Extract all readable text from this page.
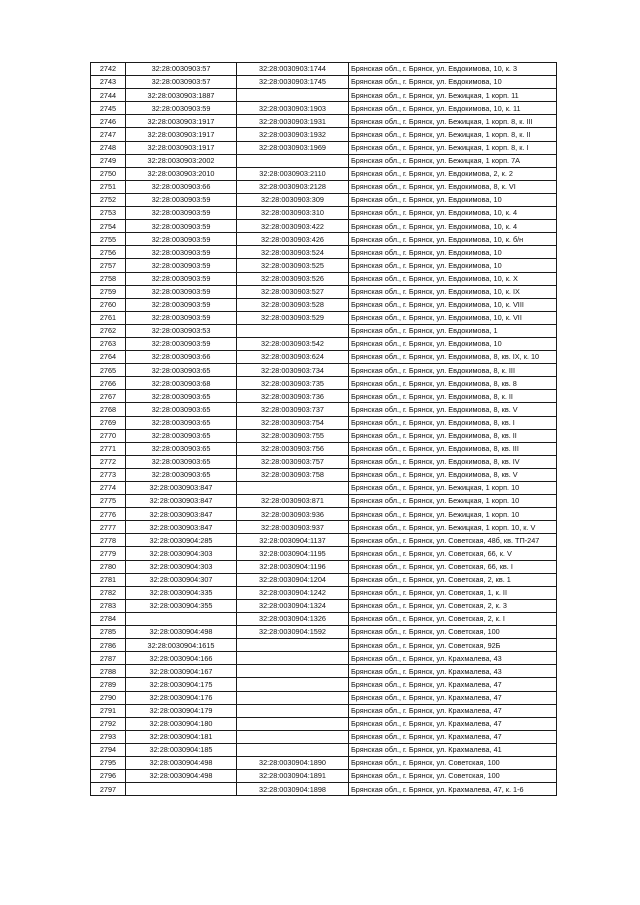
2742	32:28:0030903:57	32:28:0030903:1744	Брянская обл., г. Брянск, ул. Евдокимова, 10, к. 3
2743	32:28:0030903:57	32:28:0030903:1745	Брянская обл., г. Брянск, ул. Евдокимова, 10
2744	32:28:0030903:1887		Брянская обл., г. Брянск, ул. Бежицкая, 1 корп. 11
2745	32:28:0030903:59	32:28:0030903:1903	Брянская обл., г. Брянск, ул. Евдокимова, 10, к. 11
2746	32:28:0030903:1917	32:28:0030903:1931	Брянская обл., г. Брянск, ул. Бежицкая, 1 корп. 8, к. III
2747	32:28:0030903:1917	32:28:0030903:1932	Брянская обл., г. Брянск, ул. Бежицкая, 1 корп. 8, к. II
2748	32:28:0030903:1917	32:28:0030903:1969	Брянская обл., г. Брянск, ул. Бежицкая, 1 корп. 8, к. I
2749	32:28:0030903:2002		Брянская обл., г. Брянск, ул. Бежицкая, 1 корп. 7А
2750	32:28:0030903:2010	32:28:0030903:2110	Брянская обл., г. Брянск, ул. Евдокимова, 2, к. 2
2751	32:28:0030903:66	32:28:0030903:2128	Брянская обл., г. Брянск, ул. Евдокимова, 8, к. VI
2752	32:28:0030903:59	32:28:0030903:309	Брянская обл., г. Брянск, ул. Евдокимова, 10
2753	32:28:0030903:59	32:28:0030903:310	Брянская обл., г. Брянск, ул. Евдокимова, 10, к. 4
2754	32:28:0030903:59	32:28:0030903:422	Брянская обл., г. Брянск, ул. Евдокимова, 10, к. 4
2755	32:28:0030903:59	32:28:0030903:426	Брянская обл., г. Брянск, ул. Евдокимова, 10, к. б/н
2756	32:28:0030903:59	32:28:0030903:524	Брянская обл., г. Брянск, ул. Евдокимова, 10
2757	32:28:0030903:59	32:28:0030903:525	Брянская обл., г. Брянск, ул. Евдокимова, 10
2758	32:28:0030903:59	32:28:0030903:526	Брянская обл., г. Брянск, ул. Евдокимова, 10, к. X
2759	32:28:0030903:59	32:28:0030903:527	Брянская обл., г. Брянск, ул. Евдокимова, 10, к. IX
2760	32:28:0030903:59	32:28:0030903:528	Брянская обл., г. Брянск, ул. Евдокимова, 10, к. VIII
2761	32:28:0030903:59	32:28:0030903:529	Брянская обл., г. Брянск, ул. Евдокимова, 10, к. VII
2762	32:28:0030903:53		Брянская обл., г. Брянск, ул. Евдокимова, 1
2763	32:28:0030903:59	32:28:0030903:542	Брянская обл., г. Брянск, ул. Евдокимова, 10
2764	32:28:0030903:66	32:28:0030903:624	Брянская обл., г. Брянск, ул. Евдокимова, 8, кв. IX, к. 10
2765	32:28:0030903:65	32:28:0030903:734	Брянская обл., г. Брянск, ул. Евдокимова, 8, к. III
2766	32:28:0030903:68	32:28:0030903:735	Брянская обл., г. Брянск, ул. Евдокимова, 8, кв. 8
2767	32:28:0030903:65	32:28:0030903:736	Брянская обл., г. Брянск, ул. Евдокимова, 8, к. II
2768	32:28:0030903:65	32:28:0030903:737	Брянская обл., г. Брянск, ул. Евдокимова, 8, кв. V
2769	32:28:0030903:65	32:28:0030903:754	Брянская обл., г. Брянск, ул. Евдокимова, 8, кв. I
2770	32:28:0030903:65	32:28:0030903:755	Брянская обл., г. Брянск, ул. Евдокимова, 8, кв. II
2771	32:28:0030903:65	32:28:0030903:756	Брянская обл., г. Брянск, ул. Евдокимова, 8, кв. III
2772	32:28:0030903:65	32:28:0030903:757	Брянская обл., г. Брянск, ул. Евдокимова, 8, кв. IV
2773	32:28:0030903:65	32:28:0030903:758	Брянская обл., г. Брянск, ул. Евдокимова, 8, кв. V
2774	32:28:0030903:847		Брянская обл., г. Брянск, ул. Бежицкая, 1 корп. 10
2775	32:28:0030903:847	32:28:0030903:871	Брянская обл., г. Брянск, ул. Бежицкая, 1 корп. 10
2776	32:28:0030903:847	32:28:0030903:936	Брянская обл., г. Брянск, ул. Бежицкая, 1 корп. 10
2777	32:28:0030903:847	32:28:0030903:937	Брянская обл., г. Брянск, ул. Бежицкая, 1 корп. 10, к. V
2778	32:28:0030904:285	32:28:0030904:1137	Брянская обл., г. Брянск, ул. Советская, 48б, кв. ТП-247
2779	32:28:0030904:303	32:28:0030904:1195	Брянская обл., г. Брянск, ул. Советская, 66, к. V
2780	32:28:0030904:303	32:28:0030904:1196	Брянская обл., г. Брянск, ул. Советская, 66, кв. I
2781	32:28:0030904:307	32:28:0030904:1204	Брянская обл., г. Брянск, ул. Советская, 2, кв. 1
2782	32:28:0030904:335	32:28:0030904:1242	Брянская обл., г. Брянск, ул. Советская, 1, к. II
2783	32:28:0030904:355	32:28:0030904:1324	Брянская обл., г. Брянск, ул. Советская, 2, к. 3
2784		32:28:0030904:1326	Брянская обл., г. Брянск, ул. Советская, 2, к. I
2785	32:28:0030904:498	32:28:0030904:1592	Брянская обл., г. Брянск, ул. Советская, 100
2786	32:28:0030904:1615		Брянская обл., г. Брянск, ул. Советская, 92Б
2787	32:28:0030904:166		Брянская обл., г. Брянск, ул. Крахмалева, 43
2788	32:28:0030904:167		Брянская обл., г. Брянск, ул. Крахмалева, 43
2789	32:28:0030904:175		Брянская обл., г. Брянск, ул. Крахмалева, 47
2790	32:28:0030904:176		Брянская обл., г. Брянск, ул. Крахмалева, 47
2791	32:28:0030904:179		Брянская обл., г. Брянск, ул. Крахмалева, 47
2792	32:28:0030904:180		Брянская обл., г. Брянск, ул. Крахмалева, 47
2793	32:28:0030904:181		Брянская обл., г. Брянск, ул. Крахмалева, 47
2794	32:28:0030904:185		Брянская обл., г. Брянск, ул. Крахмалева, 41
2795	32:28:0030904:498	32:28:0030904:1890	Брянская обл., г. Брянск, ул. Советская, 100
2796	32:28:0030904:498	32:28:0030904:1891	Брянская обл., г. Брянск, ул. Советская, 100
2797		32:28:0030904:1898	Брянская обл., г. Брянск, ул. Крахмалева, 47, к. 1-6
